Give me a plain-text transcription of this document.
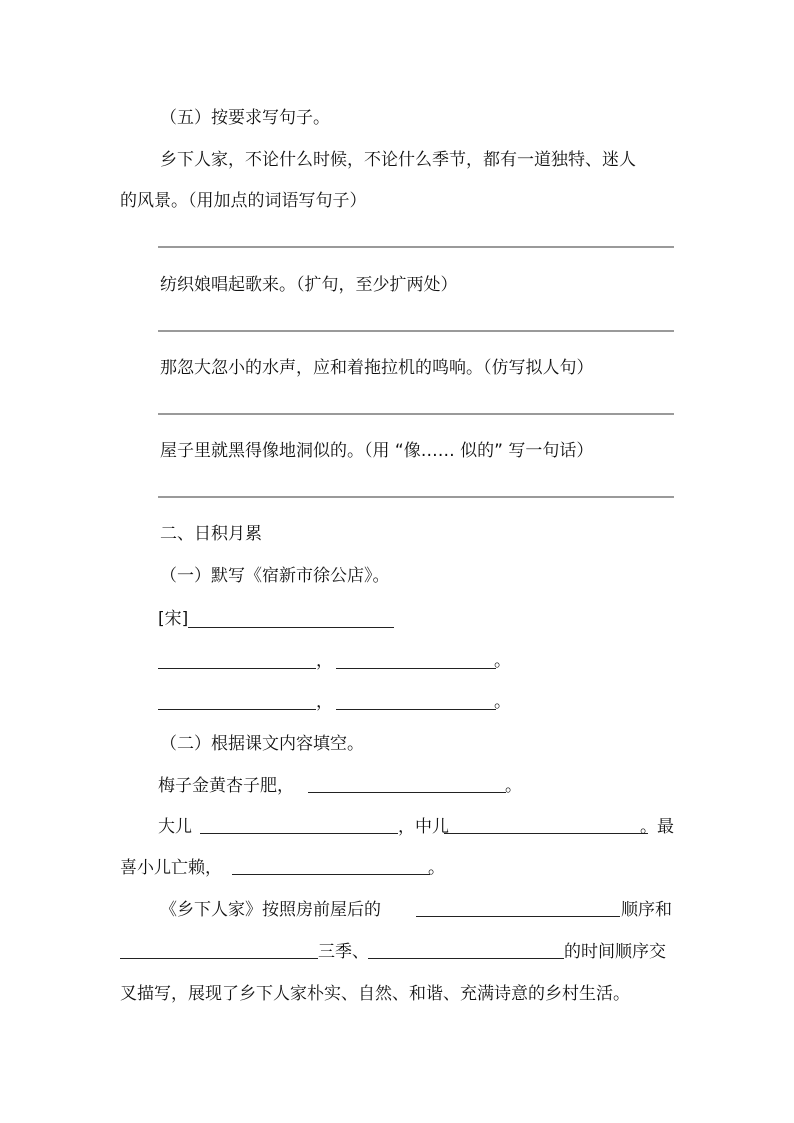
（五）按要求写句子。
乡下人家，不论什么时候，不论什么季节，都有一道独特、迷人
的风景。（用加点的词语写句子）
纺织娘唱起歌来。（扩句，至少扩两处）
那忽大忽小的水声，应和着拖拉机的鸣响。（仿写拟人句）
屋子里就黑得像地洞似的。（用 “像…… 似的” 写一句话）
二、日积月累
（一）默写《宿新市徐公店》。
[宋]
，	。
，	。
（二）根据课文内容填空。
梅子金黄杏子肥，	。
大儿	，中儿	。最
喜小儿亡赖，	。
《乡下人家》按照房前屋后的	顺序和
三季、	的时间顺序交
叉描写，展现了乡下人家朴实、自然、和谐、充满诗意的乡村生活。
